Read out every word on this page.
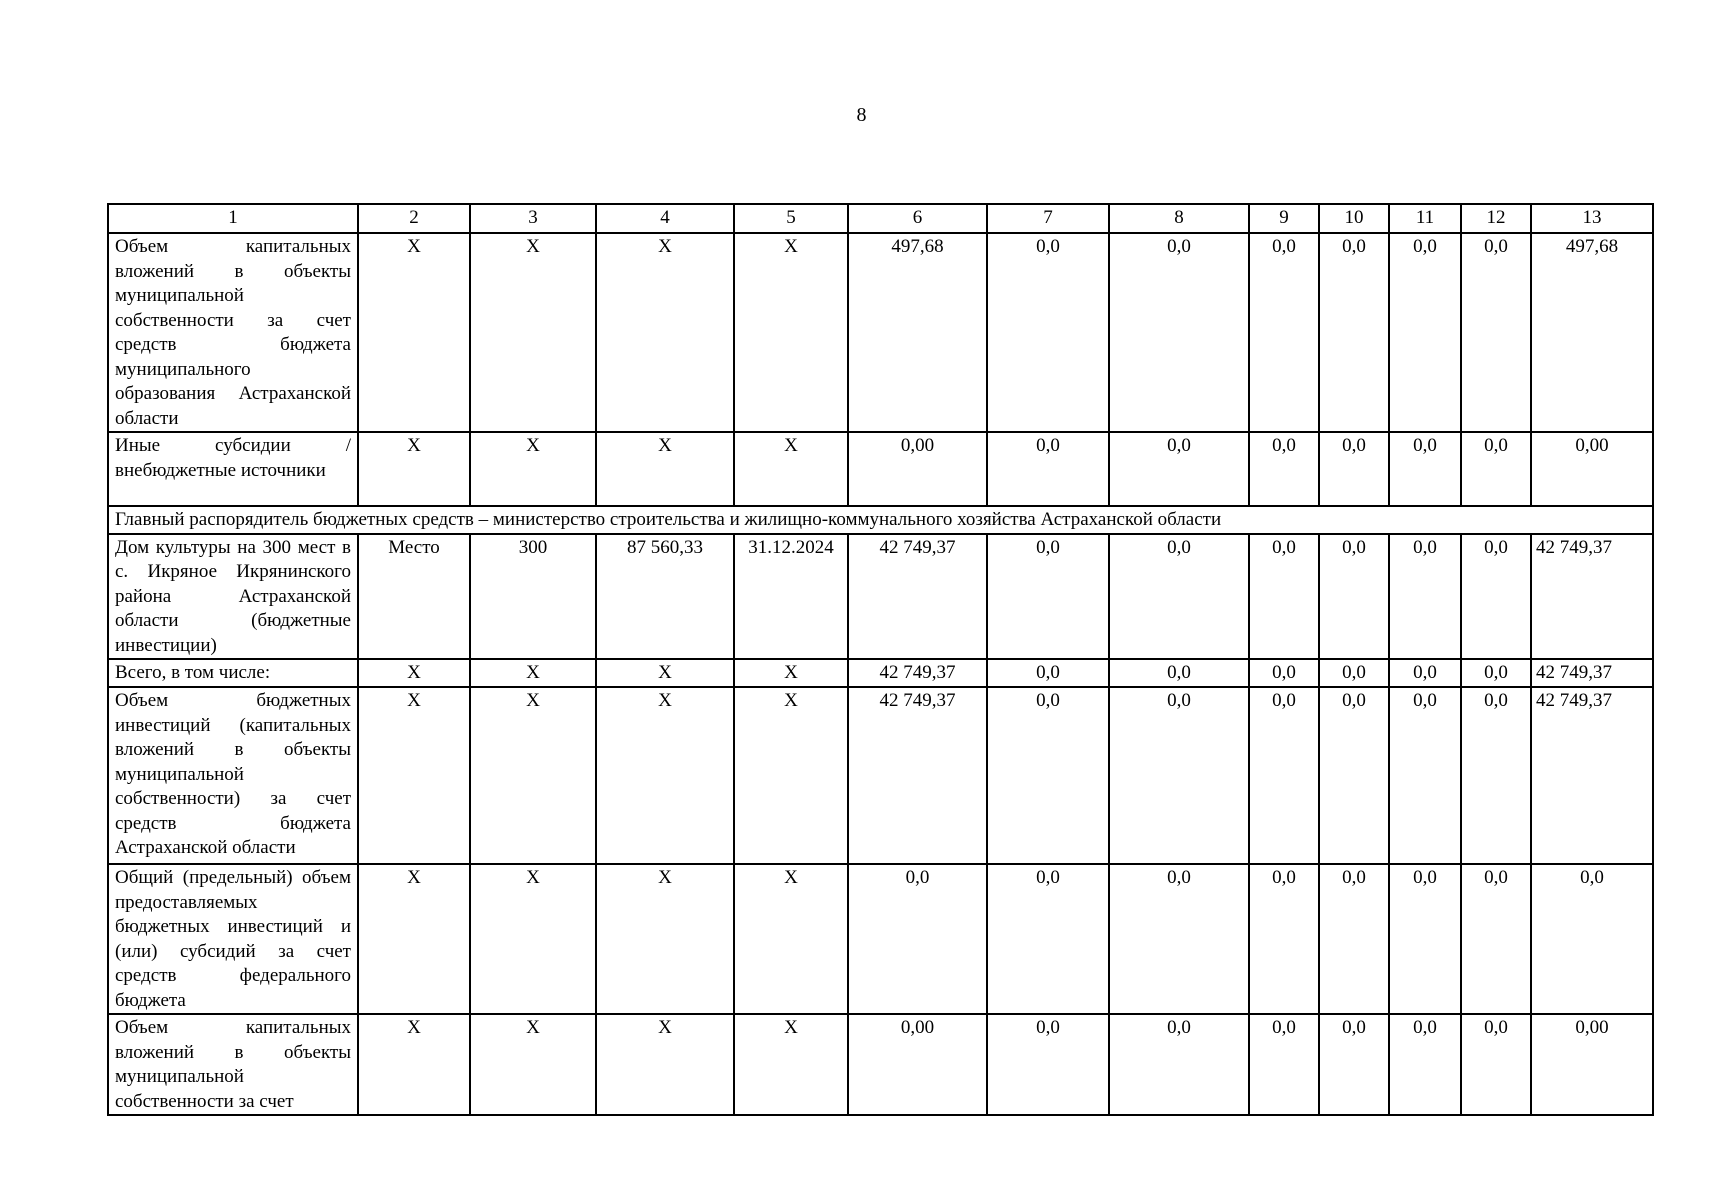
8
1	2	3	4	5	6	7	8	9	10	11	12	13
Объем капитальных вложений в объекты муниципальной собственности за счет средств бюджета муниципального образования Астраханской области	X	X	X	X	497,68	0,0	0,0	0,0	0,0	0,0	0,0	497,68
Иные субсидии / внебюджетные источники	X	X	X	X	0,00	0,0	0,0	0,0	0,0	0,0	0,0	0,00
Главный распорядитель бюджетных средств – министерство строительства и жилищно-коммунального хозяйства Астраханской области												
Дом культуры на 300 мест в с. Икряное Икрянинского района Астраханской области (бюджетные инвестиции)	Место	300	87 560,33	31.12.2024	42 749,37	0,0	0,0	0,0	0,0	0,0	0,0	42 749,37
Всего, в том числе:	X	X	X	X	42 749,37	0,0	0,0	0,0	0,0	0,0	0,0	42 749,37
Объем бюджетных инвестиций (капитальных вложений в объекты муниципальной собственности) за счет средств бюджета Астраханской области	X	X	X	X	42 749,37	0,0	0,0	0,0	0,0	0,0	0,0	42 749,37
Общий (предельный) объем предоставляемых бюджетных инвестиций и (или) субсидий за счет средств федерального бюджета	X	X	X	X	0,0	0,0	0,0	0,0	0,0	0,0	0,0	0,0
Объем капитальных вложений в объекты муниципальной собственности за счет	X	X	X	X	0,00	0,0	0,0	0,0	0,0	0,0	0,0	0,00
